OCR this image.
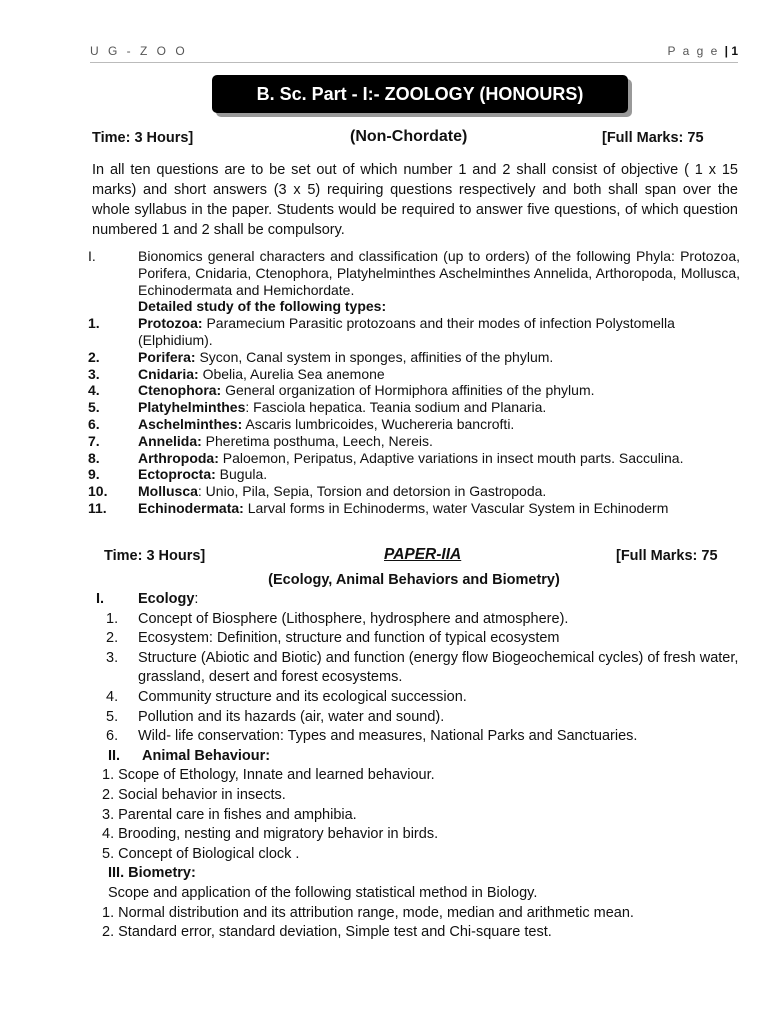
U G - Z O O	P a g e | 1
B. Sc. Part - I:- ZOOLOGY (HONOURS)
Time: 3 Hours]	(Non-Chordate)	[Full Marks: 75
In all ten questions are to be set out of which number 1 and 2 shall consist of objective ( 1 x 15 marks) and short answers (3 x 5) requiring questions respectively and both shall span over the whole syllabus in the paper. Students would be required to answer five questions, of which question numbered 1 and 2 shall be compulsory.
I.	Bionomics general characters and classification (up to orders) of the following Phyla: Protozoa, Porifera, Cnidaria, Ctenophora, Platyhelminthes Aschelminthes Annelida, Arthoropoda, Mollusca, Echinodermata and Hemichordate.
Detailed study of the following types:
1.	Protozoa: Paramecium Parasitic protozoans and their modes of infection Polystomella (Elphidium).
2.	Porifera: Sycon, Canal system in sponges, affinities of the phylum.
3.	Cnidaria: Obelia, Aurelia Sea anemone
4.	Ctenophora: General organization of Hormiphora affinities of the phylum.
5.	Platyhelminthes: Fasciola hepatica. Teania sodium and Planaria.
6.	Aschelminthes: Ascaris lumbricoides, Wuchereria bancrofti.
7.	Annelida: Pheretima posthuma, Leech, Nereis.
8.	Arthropoda: Paloemon, Peripatus, Adaptive variations in insect mouth parts. Sacculina.
9.	Ectoprocta: Bugula.
10.	Mollusca: Unio, Pila, Sepia, Torsion and detorsion in Gastropoda.
11.	Echinodermata: Larval forms in Echinoderms, water Vascular System in Echinoderm
Time: 3 Hours]	PAPER-IIA	[Full Marks: 75
(Ecology, Animal Behaviors and Biometry)
I.	Ecology:
1.	Concept of Biosphere (Lithosphere, hydrosphere and atmosphere).
2.	Ecosystem: Definition, structure and function of typical ecosystem
3.	Structure (Abiotic and Biotic) and function (energy flow Biogeochemical cycles) of fresh water, grassland, desert and forest ecosystems.
4.	Community structure and its ecological succession.
5.	Pollution and its hazards (air, water and sound).
6.	Wild- life conservation: Types and measures, National Parks and Sanctuaries.
II.	Animal Behaviour:
1. Scope of Ethology, Innate and learned behaviour.
2. Social behavior in insects.
3. Parental care in fishes and amphibia.
4. Brooding, nesting and migratory behavior in birds.
5. Concept of Biological clock .
III. Biometry:
Scope and application of the following statistical method in Biology.
1. Normal distribution and its attribution range, mode, median and arithmetic mean.
2. Standard error, standard deviation, Simple test and Chi-square test.
